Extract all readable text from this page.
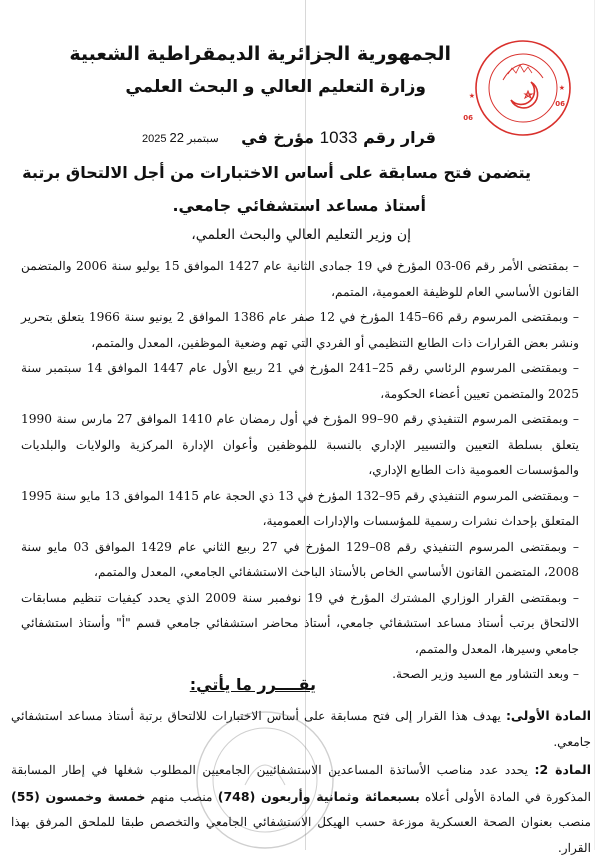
الجمهورية الجزائرية الديمقراطية الشعبية
وزارة التعليم العالي و البحث العلمي
06
06
★
★
قرار رقم 1033 مؤرخ في
2025 سبتمبر 22
يتضمن فتح مسابقة على أساس الاختبارات من أجل الالتحاق برتبة
أستاذ مساعد استشفائي جامعي.
إن وزير التعليم العالي والبحث العلمي،

– بمقتضى الأمر رقم 06-03 المؤرخ في 19 جمادى الثانية عام 1427 الموافق 15 يوليو سنة 2006 والمتضمن القانون الأساسي العام للوظيفة العمومية، المتمم،

– وبمقتضى المرسوم رقم 66–145 المؤرخ في 12 صفر عام 1386 الموافق 2 يونيو سنة 1966 يتعلق بتحرير ونشر بعض القرارات ذات الطابع التنظيمي أو الفردي التي تهم وضعية الموظفين، المعدل والمتمم،

– وبمقتضى المرسوم الرئاسي رقم 25–241 المؤرخ في 21 ربيع الأول عام 1447 الموافق 14 سبتمبر سنة 2025 والمتضمن تعيين أعضاء الحكومة،

– وبمقتضى المرسوم التنفيذي رقم 90–99 المؤرخ في أول رمضان عام 1410 الموافق 27 مارس سنة 1990 يتعلق بسلطة التعيين والتسيير الإداري بالنسبة للموظفين وأعوان الإدارة المركزية والولايات والبلديات والمؤسسات العمومية ذات الطابع الإداري،

– وبمقتضى المرسوم التنفيذي رقم 95–132 المؤرخ في 13 ذي الحجة عام 1415 الموافق 13 مايو سنة 1995 المتعلق بإحداث نشرات رسمية للمؤسسات والإدارات العمومية،

– وبمقتضى المرسوم التنفيذي رقم 08–129 المؤرخ في 27 ربيع الثاني عام 1429 الموافق 03 مايو سنة 2008، المتضمن القانون الأساسي الخاص بالأستاذ الباحث الاستشفائي الجامعي، المعدل والمتمم،

– وبمقتضى القرار الوزاري المشترك المؤرخ في 19 نوفمبر سنة 2009 الذي يحدد كيفيات تنظيم مسابقات الالتحاق برتب أستاذ مساعد استشفائي جامعي، أستاذ محاضر استشفائي جامعي قسم "أ" وأستاذ استشفائي جامعي وسيرها، المعدل والمتمم،

– وبعد التشاور مع السيد وزير الصحة.

يقــــرر ما يأتي:
المادة الأولى: يهدف هذا القرار إلى فتح مسابقة على أساس الاختبارات للالتحاق برتبة أستاذ مساعد استشفائي جامعي.
المادة 2: يحدد عدد مناصب الأساتذة المساعدين الاستشفائيين الجامعيين المطلوب شغلها في إطار المسابقة المذكورة في المادة الأولى أعلاه بسبعمائة وثمانية وأربعون (748) منصب منهم خمسة وخمسون (55) منصب بعنوان الصحة العسكرية موزعة حسب الهيكل الاستشفائي الجامعي والتخصص طبقا للملحق المرفق بهذا القرار.
